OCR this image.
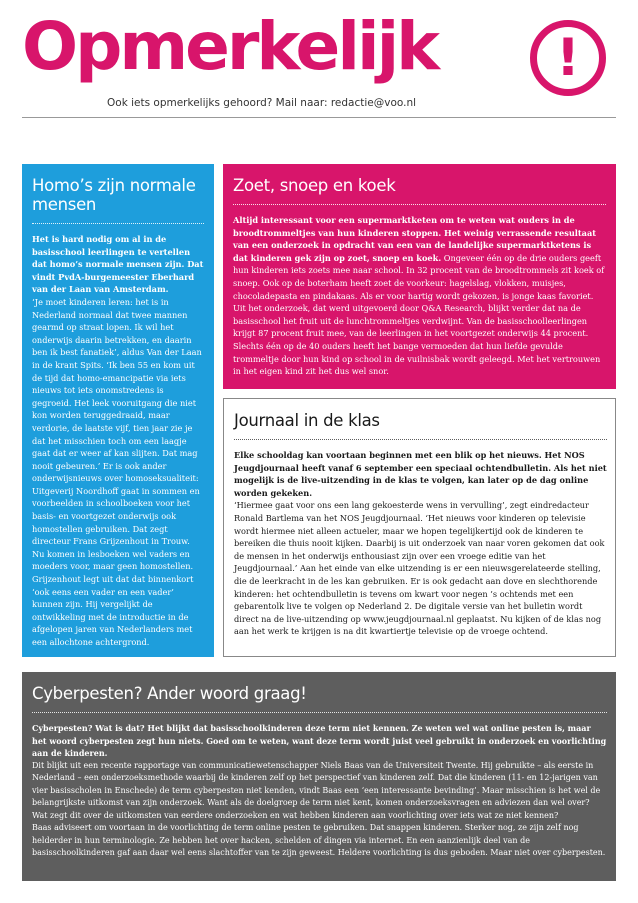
Opmerkelijk
Ook iets opmerkelijks gehoord? Mail naar: redactie@voo.nl
!
Homo’s zijn normale mensen

Het is hard nodig om al in de basisschool leerlingen te vertellen dat homo’s normale mensen zijn. Dat vindt PvdA-burgemeester Eberhard van der Laan van Amsterdam.

‘Je moet kinderen leren: het is in Nederland normaal dat twee mannen gearmd op straat lopen. Ik wil het onderwijs daarin betrekken, en daarin ben ik best fanatiek’, aldus Van der Laan in de krant Spits. ‘Ik ben 55 en kom uit de tijd dat homo-emancipatie via iets nieuws tot iets onomstredens is gegroeid. Het leek vooruitgang die niet kon worden teruggedraaid, maar verdorie, de laatste vijf, tien jaar zie je dat het misschien toch om een laagje gaat dat er weer af kan slijten. Dat mag nooit gebeuren.’ Er is ook ander onderwijsnieuws over homoseksualiteit: Uitgeverij Noordhoff gaat in sommen en voorbeelden in schoolboeken voor het basis- en voortgezet onderwijs ook homostellen gebruiken. Dat zegt directeur Frans Grijzenhout in Trouw. Nu komen in lesboeken wel vaders en moeders voor, maar geen homostellen. Grijzenhout legt uit dat dat binnenkort ‘ook eens een vader en een vader’ kunnen zijn. Hij vergelijkt de ontwikkeling met de introductie in de afgelopen jaren van Nederlanders met een allochtone achtergrond.

Zoet, snoep en koek

Altijd interessant voor een supermarktketen om te weten wat ouders in de broodtrommeltjes van hun kinderen stoppen. Het weinig verrassende resultaat van een onderzoek in opdracht van een van de landelijke supermarktketens is dat kinderen gek zijn op zoet, snoep en koek. Ongeveer één op de drie ouders geeft hun kinderen iets zoets mee naar school. In 32 procent van de broodtrommels zit koek of snoep. Ook op de boterham heeft zoet de voorkeur: hagelslag, vlokken, muisjes, chocoladepasta en pindakaas. Als er voor hartig wordt gekozen, is jonge kaas favoriet. Uit het onderzoek, dat werd uitgevoerd door Q&A Research, blijkt verder dat na de basisschool het fruit uit de lunchtrommeltjes verdwijnt. Van de basisschoolleerlingen krijgt 87 procent fruit mee, van de leerlingen in het voortgezet onderwijs 44 procent. Slechts één op de 40 ouders heeft het bange vermoeden dat hun liefde gevulde trommeltje door hun kind op school in de vuilnisbak wordt geleegd. Met het vertrouwen in het eigen kind zit het dus wel snor.

Journaal in de klas

Elke schooldag kan voortaan beginnen met een blik op het nieuws. Het NOS Jeugdjournaal heeft vanaf 6 september een speciaal ochtendbulletin. Als het niet mogelijk is de live-uitzending in de klas te volgen, kan later op de dag online worden gekeken.

‘Hiermee gaat voor ons een lang gekoesterde wens in vervulling’, zegt eindredacteur Ronald Bartlema van het NOS Jeugdjournaal. ‘Het nieuws voor kinderen op televisie wordt hiermee niet alleen actueler, maar we hopen tegelijkertijd ook de kinderen te bereiken die thuis nooit kijken. Daarbij is uit onderzoek van naar voren gekomen dat ook de mensen in het onderwijs enthousiast zijn over een vroege editie van het Jeugdjournaal.’ Aan het einde van elke uitzending is er een nieuwsgerelateerde stelling, die de leerkracht in de les kan gebruiken. Er is ook gedacht aan dove en slechthorende kinderen: het ochtendbulletin is tevens om kwart voor negen ’s ochtends met een gebarentolk live te volgen op Nederland 2. De digitale versie van het bulletin wordt direct na de live-uitzending op www.jeugdjournaal.nl geplaatst. Nu kijken of de klas nog aan het werk te krijgen is na dit kwartiertje televisie op de vroege ochtend.

Cyberpesten? Ander woord graag!

Cyberpesten? Wat is dat? Het blijkt dat basisschoolkinderen deze term niet kennen. Ze weten wel wat online pesten is, maar het woord cyberpesten zegt hun niets. Goed om te weten, want deze term wordt juist veel gebruikt in onderzoek en voorlichting aan de kinderen.

Dit blijkt uit een recente rapportage van communicatiewetenschapper Niels Baas van de Universiteit Twente. Hij gebruikte – als eerste in Nederland – een onderzoeksmethode waarbij de kinderen zelf op het perspectief van kinderen zelf. Dat die kinderen (11- en 12-jarigen van vier basisscholen in Enschede) de term cyberpesten niet kenden, vindt Baas een ‘een interessante bevinding’. Maar misschien is het wel de belangrijkste uitkomst van zijn onderzoek. Want als de doelgroep de term niet kent, komen onderzoeksvragen en adviezen dan wel over? Wat zegt dit over de uitkomsten van eerdere onderzoeken en wat hebben kinderen aan voorlichting over iets wat ze niet kennen?

Baas adviseert om voortaan in de voorlichting de term online pesten te gebruiken. Dat snappen kinderen. Sterker nog, ze zijn zelf nog helderder in hun terminologie. Ze hebben het over hacken, schelden of dingen via internet. En een aanzienlijk deel van de basisschoolkinderen gaf aan daar wel eens slachtoffer van te zijn geweest. Heldere voorlichting is dus geboden. Maar niet over cyberpesten.
